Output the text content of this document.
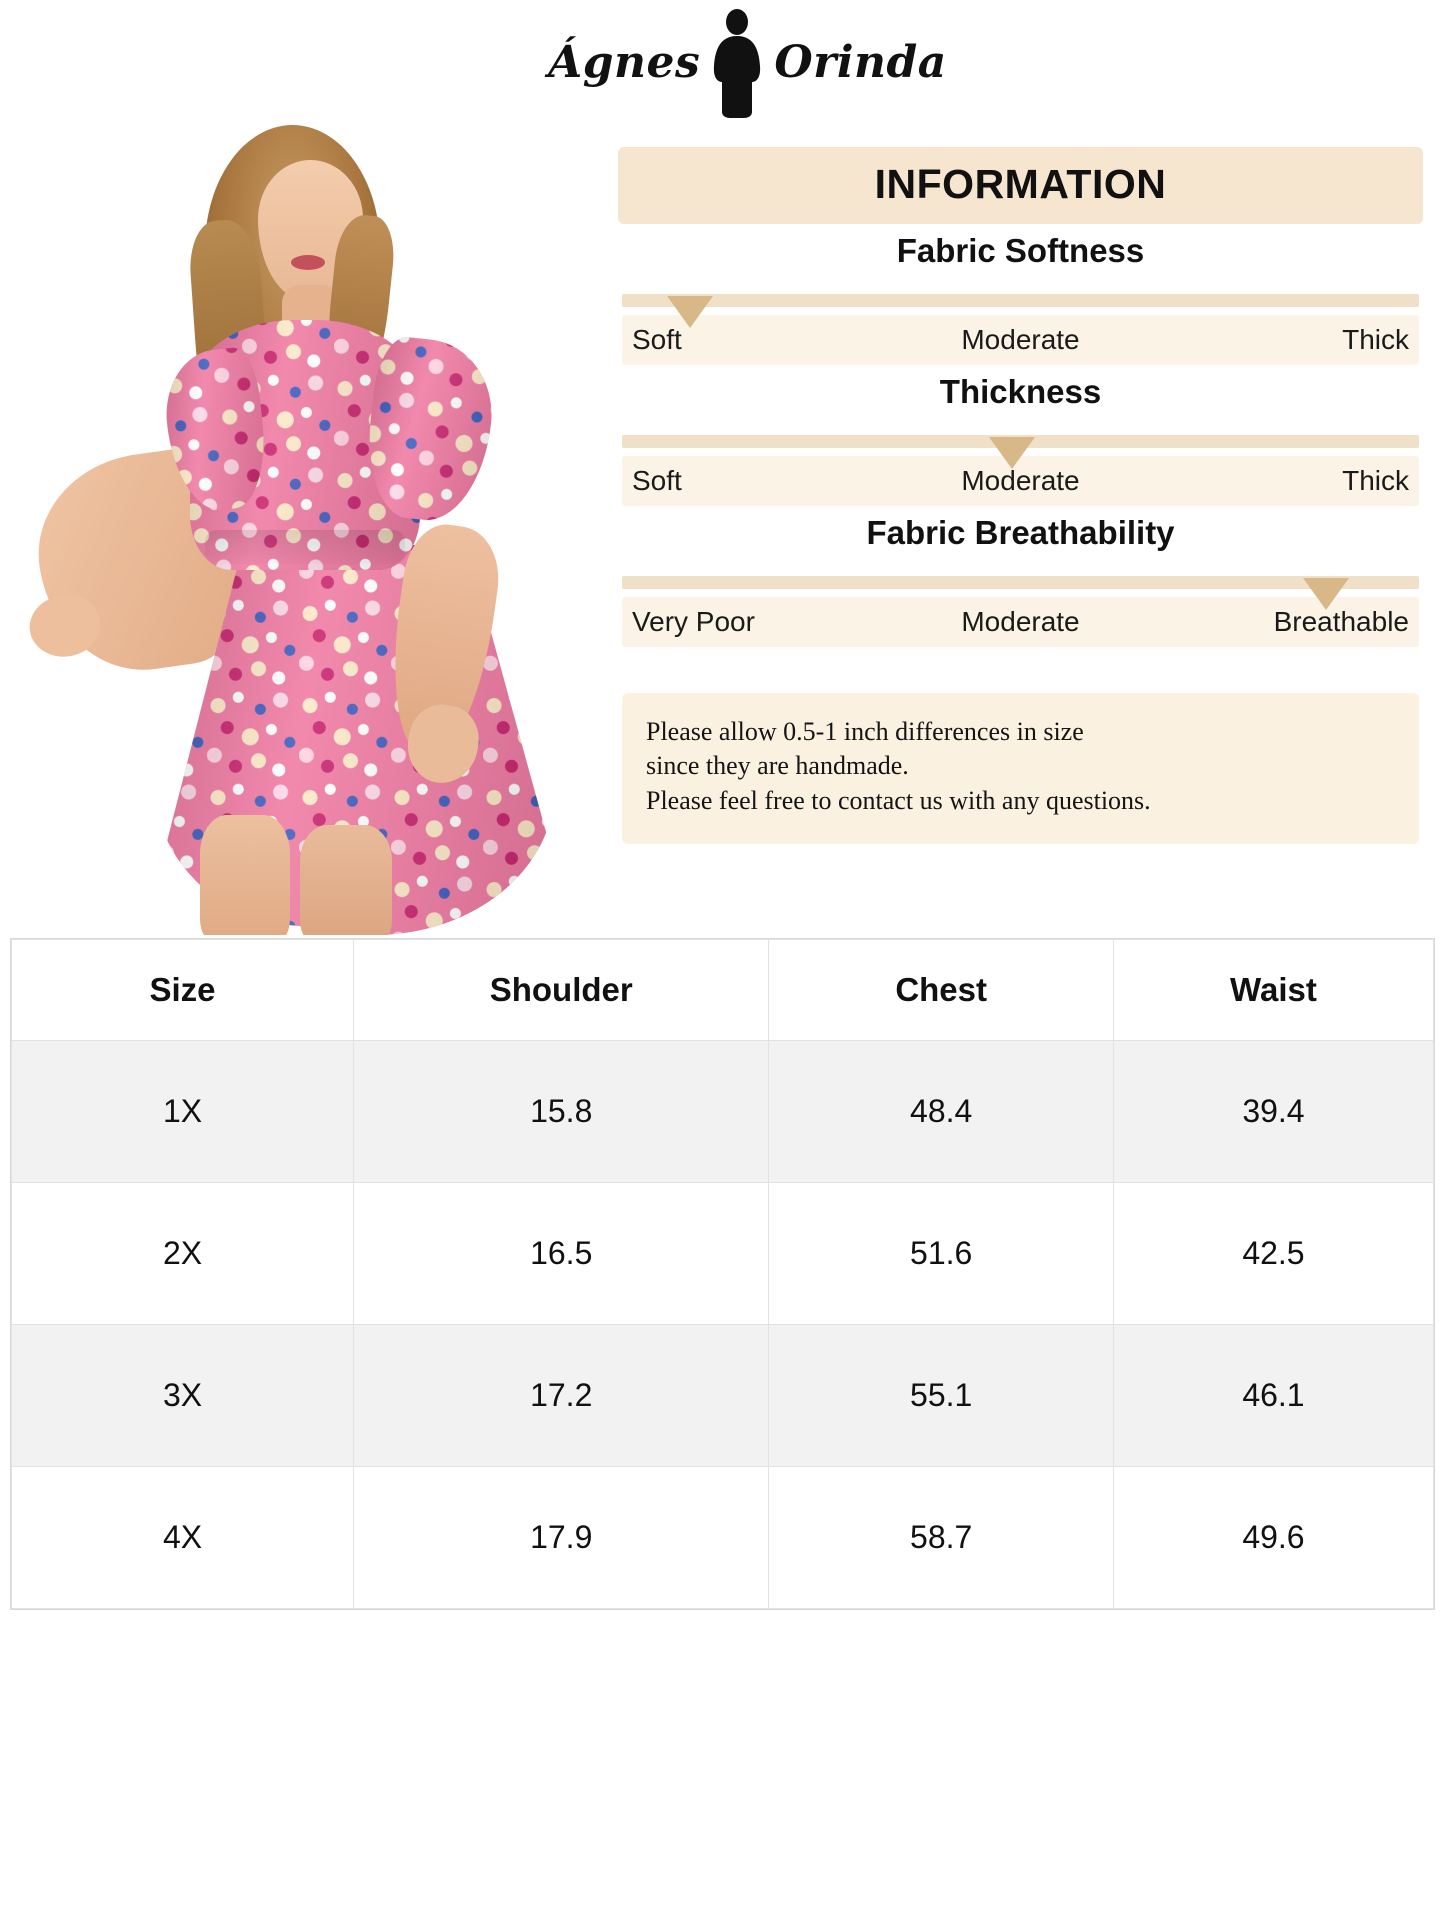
Ágnes Orinda
INFORMATION
Fabric Softness
Soft	Moderate	Thick
Thickness
Soft	Moderate	Thick
Fabric Breathability
Very Poor	Moderate	Breathable

Please allow 0.5-1 inch differences in size

since they are handmade.

Please feel free to contact us with any questions.

Size	Shoulder	Chest	Waist
1X	15.8	48.4	39.4
2X	16.5	51.6	42.5
3X	17.2	55.1	46.1
4X	17.9	58.7	49.6
